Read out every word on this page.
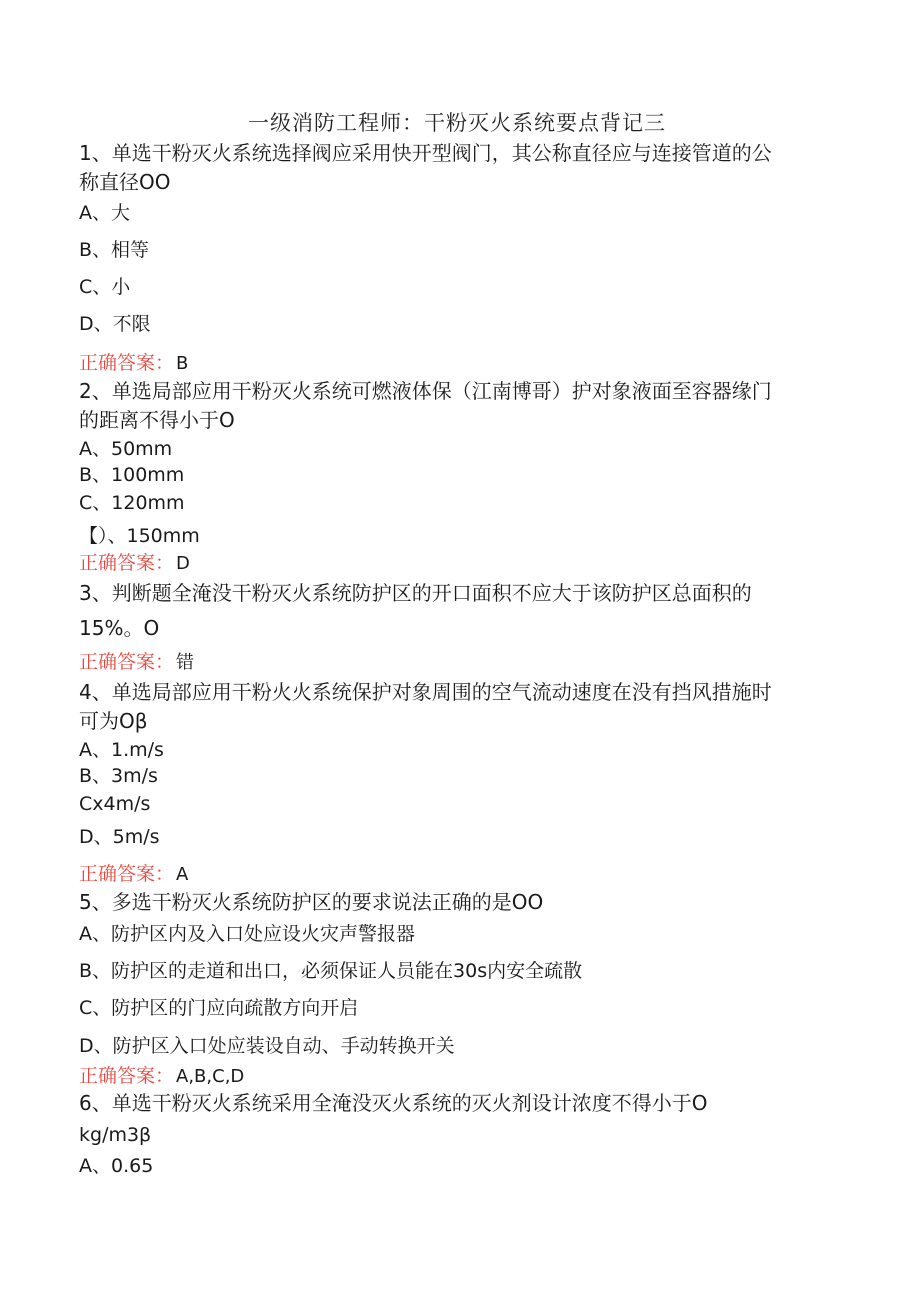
一级消防工程师：干粉灭火系统要点背记三
1、单选干粉灭火系统选择阀应采用快开型阀门，其公称直径应与连接管道的公
称直径OO
A、大
B、相等
C、小
D、不限
正确答案： B
2、单选局部应用干粉灭火系统可燃液体保（江南博哥）护对象液面至容器缘门
的距离不得小于O
A、50mm
B、100mm
C、120mm
【）、150mm
正确答案： D
3、判断题全淹没干粉灭火系统防护区的开口面积不应大于该防护区总面积的
15%。O
正确答案： 错
4、单选局部应用干粉火火系统保护对象周围的空气流动速度在没有挡风措施时
可为Oβ
A、1.m∕s
B、3m∕s
Cx4m∕s
D、5m∕s
正确答案： A
5、多选干粉灭火系统防护区的要求说法正确的是OO
A、防护区内及入口处应设火灾声警报器
B、防护区的走道和出口，必须保证人员能在30s内安全疏散
C、防护区的门应向疏散方向开启
D、防护区入口处应装设自动、手动转换开关
正确答案： A,B,C,D
6、单选干粉灭火系统采用全淹没灭火系统的灭火剂设计浓度不得小于O
kg∕m3β
A、0.65
